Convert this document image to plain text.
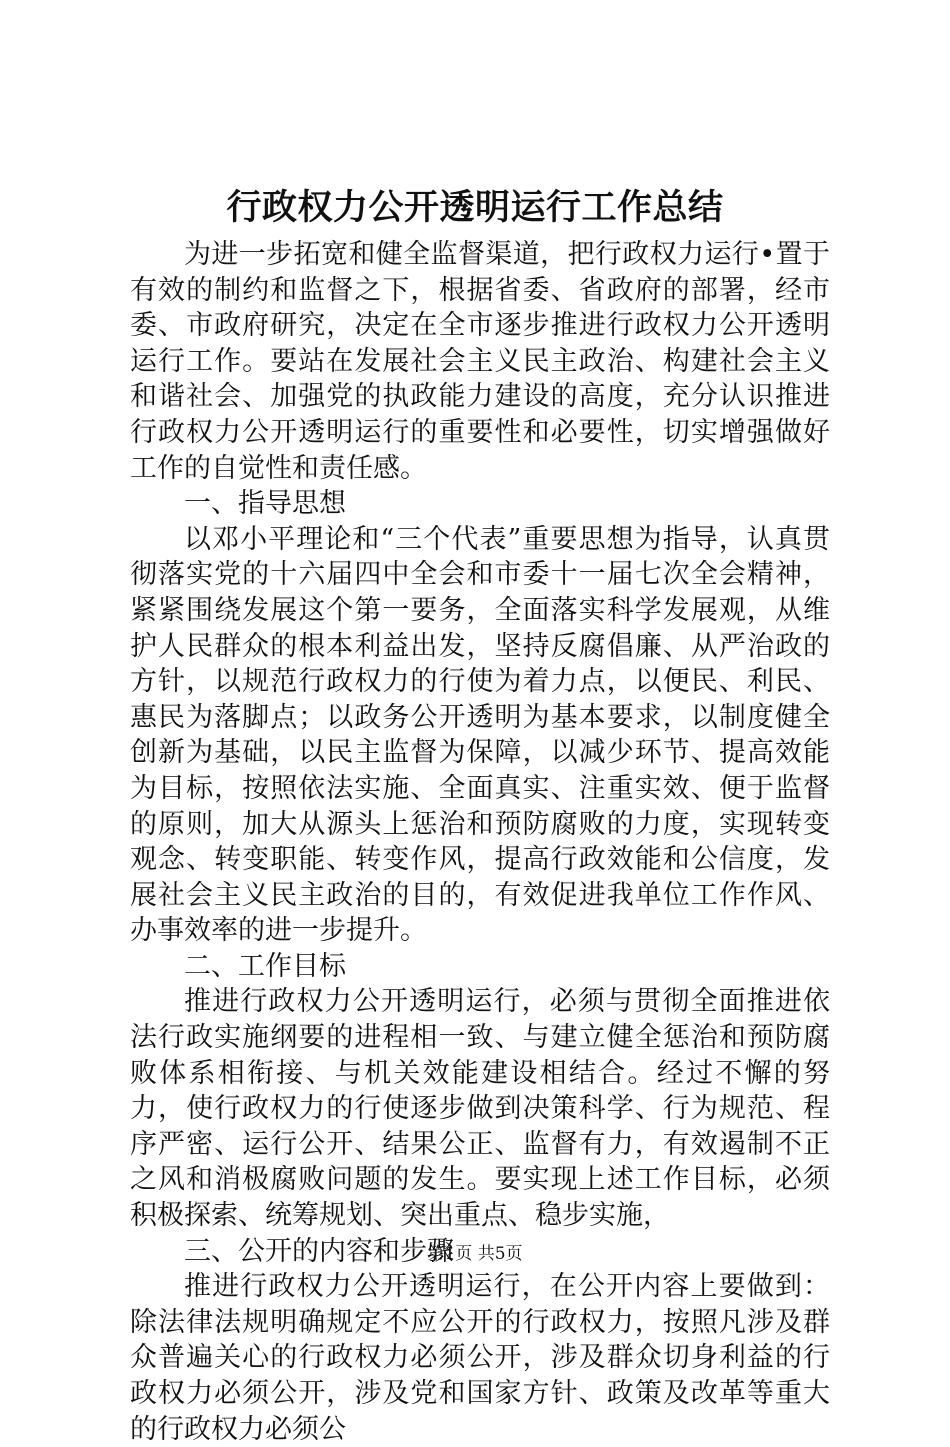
行政权力公开透明运行工作总结

为进一步拓宽和健全监督渠道，把行政权力运行•置于有效的制约和监督之下，根据省委、省政府的部署，经市委、市政府研究，决定在全市逐步推进行政权力公开透明运行工作。要站在发展社会主义民主政治、构建社会主义和谐社会、加强党的执政能力建设的高度，充分认识推进行政权力公开透明运行的重要性和必要性，切实增强做好工作的自觉性和责任感。

一、指导思想

以邓小平理论和“三个代表”重要思想为指导，认真贯彻落实党的十六届四中全会和市委十一届七次全会精神，紧紧围绕发展这个第一要务，全面落实科学发展观，从维护人民群众的根本利益出发，坚持反腐倡廉、从严治政的方针，以规范行政权力的行使为着力点，以便民、利民、惠民为落脚点；以政务公开透明为基本要求，以制度健全创新为基础，以民主监督为保障，以减少环节、提高效能为目标，按照依法实施、全面真实、注重实效、便于监督的原则，加大从源头上惩治和预防腐败的力度，实现转变观念、转变职能、转变作风，提高行政效能和公信度，发展社会主义民主政治的目的，有效促进我单位工作作风、办事效率的进一步提升。

二、工作目标

推进行政权力公开透明运行，必须与贯彻全面推进依法行政实施纲要的进程相一致、与建立健全惩治和预防腐败体系相衔接、与机关效能建设相结合。经过不懈的努力，使行政权力的行使逐步做到决策科学、行为规范、程序严密、运行公开、结果公正、监督有力，有效遏制不正之风和消极腐败问题的发生。要实现上述工作目标，必须积极探索、统筹规划、突出重点、稳步实施，

三、公开的内容和步骤

推进行政权力公开透明运行，在公开内容上要做到：除法律法规明确规定不应公开的行政权力，按照凡涉及群众普遍关心的行政权力必须公开，涉及群众切身利益的行政权力必须公开，涉及党和国家方针、政策及改革等重大的行政权力必须公

第1页 共5页
